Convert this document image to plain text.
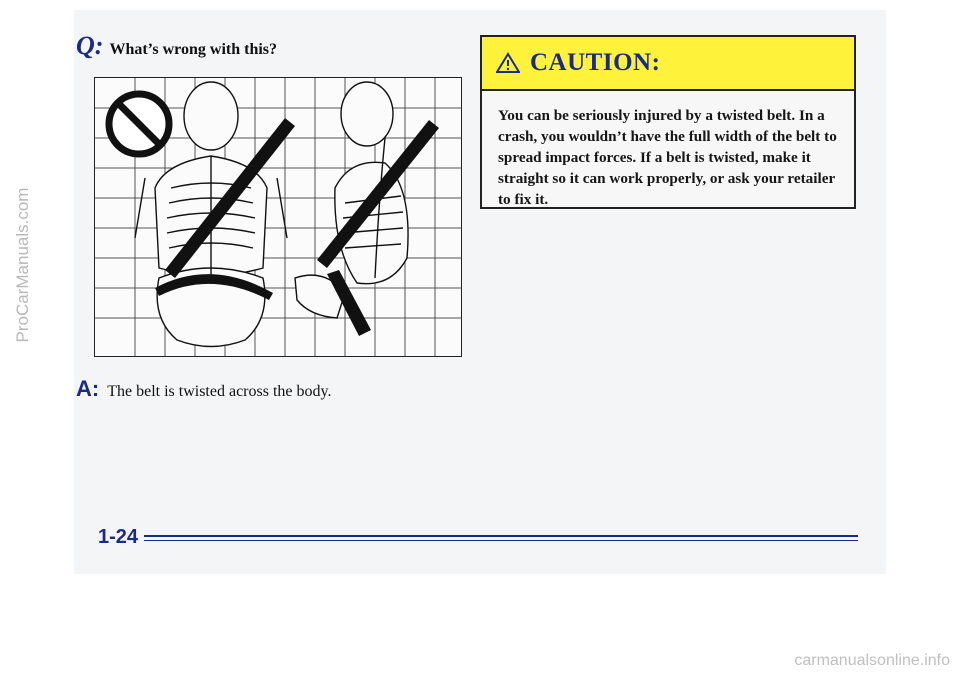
Q: What’s wrong with this?
A: The belt is twisted across the body.
CAUTION:
You can be seriously injured by a twisted belt. In a crash, you wouldn’t have the full width of the belt to spread impact forces. If a belt is twisted, make it straight so it can work properly, or ask your retailer to fix it.
1-24
ProCarManuals.com
carmanualsonline.info
